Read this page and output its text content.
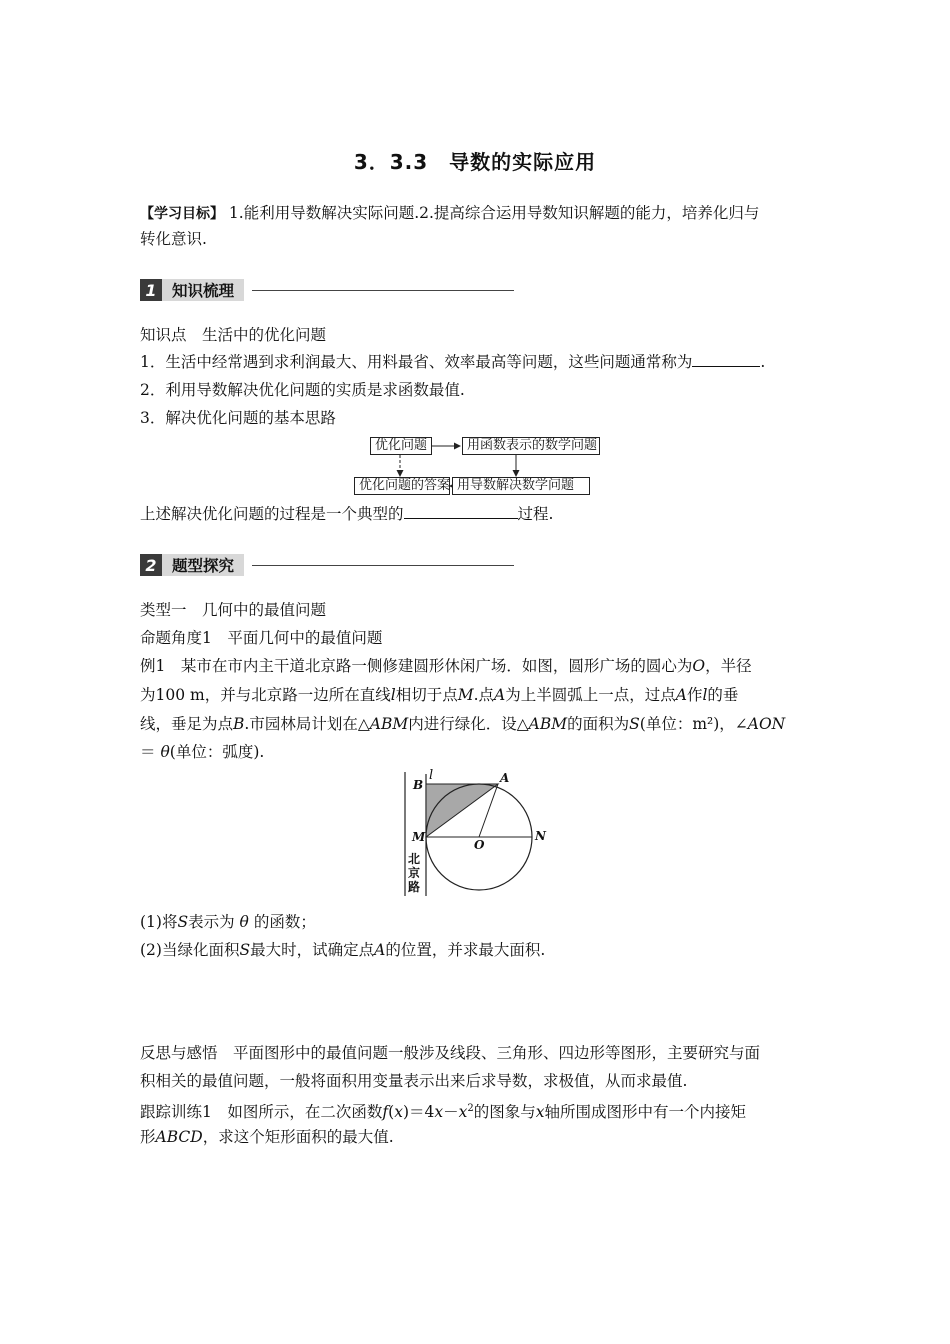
3．3.3　导数的实际应用
【学习目标】 1.能利用导数解决实际问题.2.提高综合运用导数知识解题的能力，培养化归与
转化意识.
1 知识梳理
知识点　生活中的优化问题
1．生活中经常遇到求利润最大、用料最省、效率最高等问题，这些问题通常称为	.
2．利用导数解决优化问题的实质是求函数最值.
3．解决优化问题的基本思路
优化问题	用函数表示的数学问题
用导数解决数学问题
优化问题的答案
上述解决优化问题的过程是一个典型的	过程.
2 题型探究
类型一　几何中的最值问题
命题角度1　平面几何中的最值问题
例1　某市在市内主干道北京路一侧修建圆形休闲广场．如图，圆形广场的圆心为O，半径
为100 m，并与北京路一边所在直线l相切于点M.点A为上半圆弧上一点，过点A作l的垂
线，垂足为点B.市园林局计划在△ABM内进行绿化．设△ABM的面积为S(单位：m²)，∠AON
＝ θ(单位：弧度).
l
B	A
M
O
N
北
京
路
(1)将S表示为 θ 的函数；
(2)当绿化面积S最大时，试确定点A的位置，并求最大面积.
反思与感悟　平面图形中的最值问题一般涉及线段、三角形、四边形等图形，主要研究与面
积相关的最值问题，一般将面积用变量表示出来后求导数，求极值，从而求最值.
跟踪训练1　如图所示，在二次函数$f(x)=4x-x^2$的图象与x轴所围成图形中有一个内接矩
形ABCD，求这个矩形面积的最大值.
